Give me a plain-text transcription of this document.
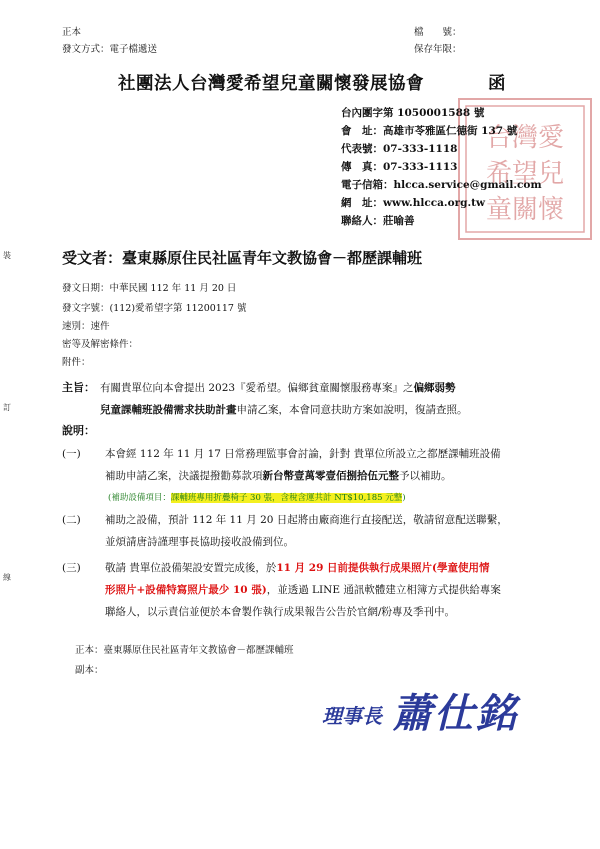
裝
訂
線
正本
發文方式：電子檔遞送
檔　　號：
保存年限：
社團法人台灣愛希望兒童關懷發展協會	函
台灣愛
希望兒
童關懷
台內團字第 1050001588 號
會　址：高雄市苓雅區仁德街 137 號
代表號：07-333-1118
傳　真：07-333-1113
電子信箱：hlcca.service@gmail.com
網　址：www.hlcca.org.tw
聯絡人：莊喻善
受文者：臺東縣原住民社區青年文教協會－都歷課輔班
發文日期：中華民國 112 年 11 月 20 日
發文字號：(112)愛希望字第 11200117 號
速別：速件
密等及解密條件：
附件：
主旨： 有關貴單位向本會提出 2023『愛希望。偏鄉貧童關懷服務專案』之偏鄉弱勢
兒童課輔班設備需求扶助計畫申請乙案，本會同意扶助方案如說明，復請查照。
說明：
(一) 本會經 112 年 11 月 17 日常務理監事會討論，針對 貴單位所設立之都歷課輔班設備
補助申請乙案，決議提撥勸募款項新台幣壹萬零壹佰捌拾伍元整予以補助。
(補助設備項目：課輔班專用折疊椅子 30 張，含稅含運共計 NT$10,185 元整)
(二) 補助之設備，預計 112 年 11 月 20 日起將由廠商進行直接配送，敬請留意配送聯繫，
並煩請唐詩謹理事長協助接收設備到位。
(三) 敬請 貴單位設備架設安置完成後，於11 月 29 日前提供執行成果照片(學童使用情
形照片+設備特寫照片最少 10 張)，並透過 LINE 通訊軟體建立相簿方式提供給專案
聯絡人，以示責信並便於本會製作執行成果報告公告於官網/粉專及季刊中。
正本：臺東縣原住民社區青年文教協會－都歷課輔班
副本：
理事長 蕭仕銘
